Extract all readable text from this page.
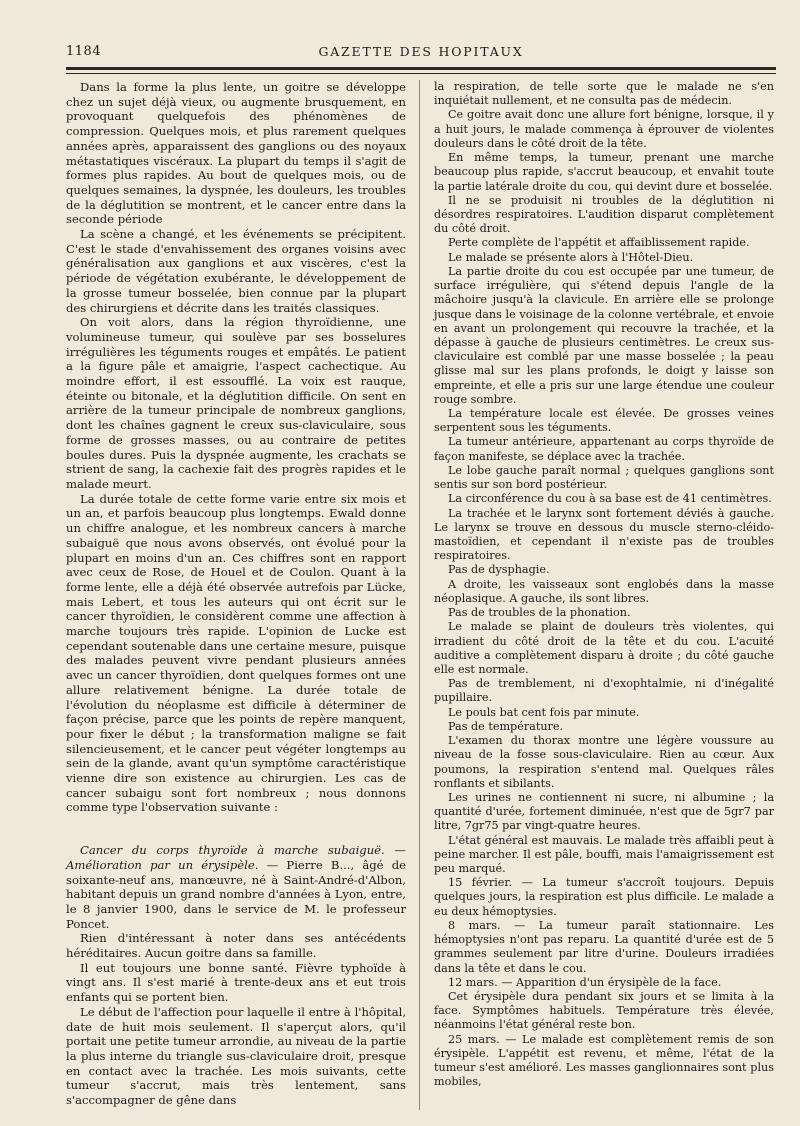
1184	GAZETTE DES HOPITAUX

Dans la forme la plus lente, un goitre se développe chez un sujet déjà vieux, ou augmente brusquement, en provoquant quelquefois des phénomènes de compression. Quelques mois, et plus rarement quelques années après, apparaissent des ganglions ou des noyaux métastatiques viscéraux. La plupart du temps il s'agit de formes plus rapides. Au bout de quelques mois, ou de quelques semaines, la dyspnée, les douleurs, les troubles de la déglutition se montrent, et le cancer entre dans la seconde période

La scène a changé, et les événements se précipitent. C'est le stade d'envahissement des organes voisins avec généralisation aux ganglions et aux viscères, c'est la période de végétation exubérante, le développement de la grosse tumeur bosselée, bien connue par la plupart des chirurgiens et décrite dans les traités classiques.

On voit alors, dans la région thyroïdienne, une volumineuse tumeur, qui soulève par ses bosselures irrégulières les téguments rouges et empâtés. Le patient a la figure pâle et amaigrie, l'aspect cachectique. Au moindre effort, il est essoufflé. La voix est rauque, éteinte ou bitonale, et la déglutition difficile. On sent en arrière de la tumeur principale de nombreux ganglions, dont les chaînes gagnent le creux sus-claviculaire, sous forme de grosses masses, ou au contraire de petites boules dures. Puis la dyspnée augmente, les crachats se strient de sang, la cachexie fait des progrès rapides et le malade meurt.

La durée totale de cette forme varie entre six mois et un an, et parfois beaucoup plus longtemps. Ewald donne un chiffre analogue, et les nombreux cancers à marche subaiguë que nous avons observés, ont évolué pour la plupart en moins d'un an. Ces chiffres sont en rapport avec ceux de Rose, de Houel et de Coulon. Quant à la forme lente, elle a déjà été observée autrefois par Lücke, mais Lebert, et tous les auteurs qui ont écrit sur le cancer thyroïdien, le considèrent comme une affection à marche toujours très rapide. L'opinion de Lucke est cependant soutenable dans une certaine mesure, puisque des malades peuvent vivre pendant plusieurs années avec un cancer thyroïdien, dont quelques formes ont une allure relativement bénigne. La durée totale de l'évolution du néoplasme est difficile à déterminer de façon précise, parce que les points de repère manquent, pour fixer le début ; la transformation maligne se fait silencieusement, et le cancer peut végéter longtemps au sein de la glande, avant qu'un symptôme caractéristique vienne dire son existence au chirurgien. Les cas de cancer subaigu sont fort nombreux ; nous donnons comme type l'observation suivante :

Cancer du corps thyroïde à marche subaiguë. — Amélioration par un érysipèle. — Pierre B..., âgé de soixante-neuf ans, manœuvre, né à Saint-André-d'Albon, habitant depuis un grand nombre d'années à Lyon, entre, le 8 janvier 1900, dans le service de M. le professeur Poncet.

Rien d'intéressant à noter dans ses antécédents héréditaires. Aucun goitre dans sa famille.

Il eut toujours une bonne santé. Fièvre typhoïde à vingt ans. Il s'est marié à trente-deux ans et eut trois enfants qui se portent bien.

Le début de l'affection pour laquelle il entre à l'hôpital, date de huit mois seulement. Il s'aperçut alors, qu'il portait une petite tumeur arrondie, au niveau de la partie la plus interne du triangle sus-claviculaire droit, presque en contact avec la trachée. Les mois suivants, cette tumeur s'accrut, mais très lentement, sans s'accompagner de gêne dans

la respiration, de telle sorte que le malade ne s'en inquiétait nullement, et ne consulta pas de médecin.

Ce goitre avait donc une allure fort bénigne, lorsque, il y a huit jours, le malade commença à éprouver de violentes douleurs dans le côté droit de la tête.

En même temps, la tumeur, prenant une marche beaucoup plus rapide, s'accrut beaucoup, et envahit toute la partie latérale droite du cou, qui devint dure et bosselée.

Il ne se produisit ni troubles de la déglutition ni désordres respiratoires. L'audition disparut complètement du côté droit.

Perte complète de l'appétit et affaiblissement rapide.

Le malade se présente alors à l'Hôtel-Dieu.

La partie droite du cou est occupée par une tumeur, de surface irrégulière, qui s'étend depuis l'angle de la mâchoire jusqu'à la clavicule. En arrière elle se prolonge jusque dans le voisinage de la colonne vertébrale, et envoie en avant un prolongement qui recouvre la trachée, et la dépasse à gauche de plusieurs centimètres. Le creux sus-claviculaire est comblé par une masse bosselée ; la peau glisse mal sur les plans profonds, le doigt y laisse son empreinte, et elle a pris sur une large étendue une couleur rouge sombre.

La température locale est élevée. De grosses veines serpentent sous les téguments.

La tumeur antérieure, appartenant au corps thyroïde de façon manifeste, se déplace avec la trachée.

Le lobe gauche paraît normal ; quelques ganglions sont sentis sur son bord postérieur.

La circonférence du cou à sa base est de 41 centimètres.

La trachée et le larynx sont fortement déviés à gauche. Le larynx se trouve en dessous du muscle sterno-cléido-mastoïdien, et cependant il n'existe pas de troubles respiratoires.

Pas de dysphagie.

A droite, les vaisseaux sont englobés dans la masse néoplasique. A gauche, ils sont libres.

Pas de troubles de la phonation.

Le malade se plaint de douleurs très violentes, qui irradient du côté droit de la tête et du cou. L'acuité auditive a complètement disparu à droite ; du côté gauche elle est normale.

Pas de tremblement, ni d'exophtalmie, ni d'inégalité pupillaire.

Le pouls bat cent fois par minute.

Pas de température.

L'examen du thorax montre une légère voussure au niveau de la fosse sous-claviculaire. Rien au cœur. Aux poumons, la respiration s'entend mal. Quelques râles ronflants et sibilants.

Les urines ne contiennent ni sucre, ni albumine ; la quantité d'urée, fortement diminuée, n'est que de 5gr7 par litre, 7gr75 par vingt-quatre heures.

L'état général est mauvais. Le malade très affaibli peut à peine marcher. Il est pâle, bouffi, mais l'amaigrissement est peu marqué.

15 février. — La tumeur s'accroît toujours. Depuis quelques jours, la respiration est plus difficile. Le malade a eu deux hémoptysies.

8 mars. — La tumeur paraît stationnaire. Les hémoptysies n'ont pas reparu. La quantité d'urée est de 5 grammes seulement par litre d'urine. Douleurs irradiées dans la tête et dans le cou.

12 mars. — Apparition d'un érysipèle de la face.

Cet érysipèle dura pendant six jours et se limita à la face. Symptômes habituels. Température très élevée, néanmoins l'état général reste bon.

25 mars. — Le malade est complètement remis de son érysipèle. L'appétit est revenu, et même, l'état de la tumeur s'est amélioré. Les masses ganglionnaires sont plus mobiles,
